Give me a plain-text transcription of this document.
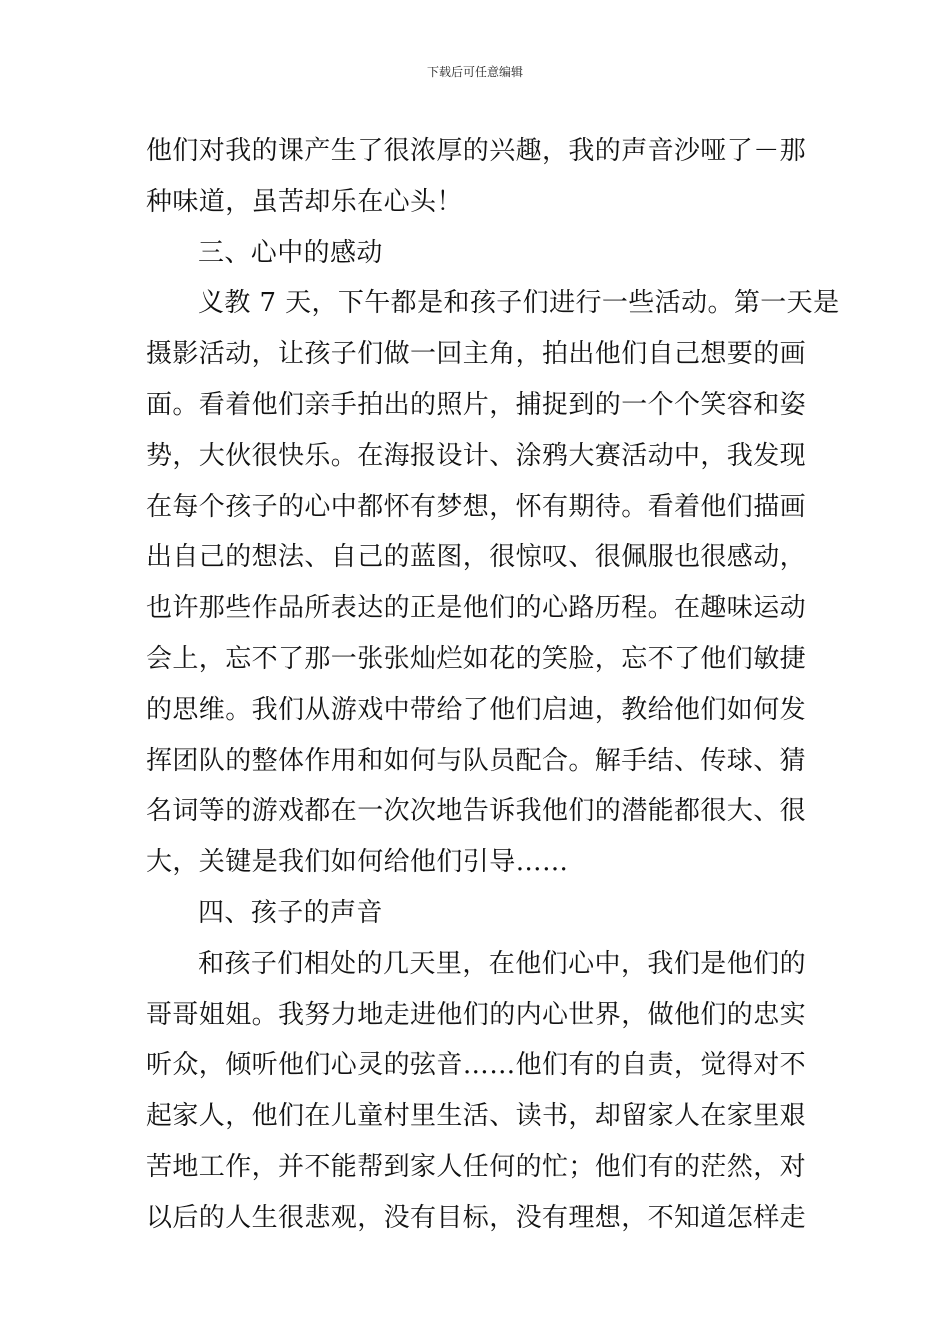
下载后可任意编辑
他们对我的课产生了很浓厚的兴趣，我的声音沙哑了－那
种味道，虽苦却乐在心头！
三、心中的感动
义教 7 天，下午都是和孩子们进行一些活动。第一天是
摄影活动，让孩子们做一回主角，拍出他们自己想要的画
面。看着他们亲手拍出的照片，捕捉到的一个个笑容和姿
势，大伙很快乐。在海报设计、涂鸦大赛活动中，我发现
在每个孩子的心中都怀有梦想，怀有期待。看着他们描画
出自己的想法、自己的蓝图，很惊叹、很佩服也很感动，
也许那些作品所表达的正是他们的心路历程。在趣味运动
会上，忘不了那一张张灿烂如花的笑脸，忘不了他们敏捷
的思维。我们从游戏中带给了他们启迪，教给他们如何发
挥团队的整体作用和如何与队员配合。解手结、传球、猜
名词等的游戏都在一次次地告诉我他们的潜能都很大、很
大，关键是我们如何给他们引导……
四、孩子的声音
和孩子们相处的几天里，在他们心中，我们是他们的
哥哥姐姐。我努力地走进他们的内心世界，做他们的忠实
听众，倾听他们心灵的弦音……他们有的自责，觉得对不
起家人，他们在儿童村里生活、读书，却留家人在家里艰
苦地工作，并不能帮到家人任何的忙；他们有的茫然，对
以后的人生很悲观，没有目标，没有理想，不知道怎样走
